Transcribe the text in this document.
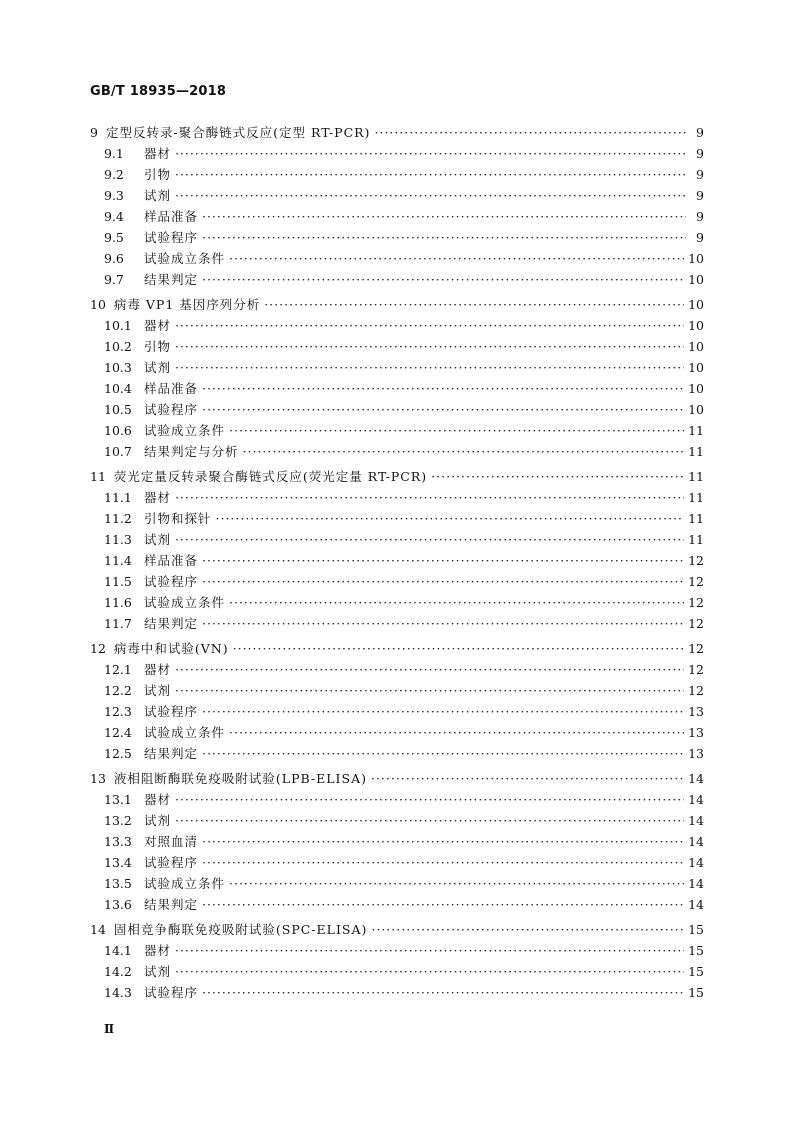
GB/T 18935—2018
9 定型反转录-聚合酶链式反应(定型 RT-PCR) ·····	9
9.1	器材 ·····	9
9.2	引物 ·····	9
9.3	试剂 ·····	9
9.4	样品准备 ·····	9
9.5	试验程序 ·····	9
9.6	试验成立条件 ·····	10
9.7	结果判定 ·····	10
10 病毒 VP1 基因序列分析 ·····	10
10.1 器材 ·····	10
10.2 引物 ·····	10
10.3 试剂 ·····	10
10.4 样品准备 ·····	10
10.5 试验程序 ·····	10
10.6 试验成立条件 ·····	11
10.7 结果判定与分析 ·····	11
11 荧光定量反转录聚合酶链式反应(荧光定量 RT-PCR) ·····	11
11.1 器材 ·····	11
11.2 引物和探针 ·····	11
11.3 试剂 ·····	11
11.4 样品准备 ·····	12
11.5 试验程序 ·····	12
11.6 试验成立条件 ·····	12
11.7 结果判定 ·····	12
12 病毒中和试验(VN) ·····	12
12.1 器材 ·····	12
12.2 试剂 ·····	12
12.3 试验程序 ·····	13
12.4 试验成立条件 ·····	13
12.5 结果判定 ·····	13
13 液相阻断酶联免疫吸附试验(LPB-ELISA) ·····	14
13.1 器材 ·····	14
13.2 试剂 ·····	14
13.3 对照血清 ·····	14
13.4 试验程序 ·····	14
13.5 试验成立条件 ·····	14
13.6 结果判定 ·····	14
14 固相竞争酶联免疫吸附试验(SPC-ELISA) ·····	15
14.1 器材 ·····	15
14.2 试剂 ·····	15
14.3 试验程序 ·····	15
Ⅱ
